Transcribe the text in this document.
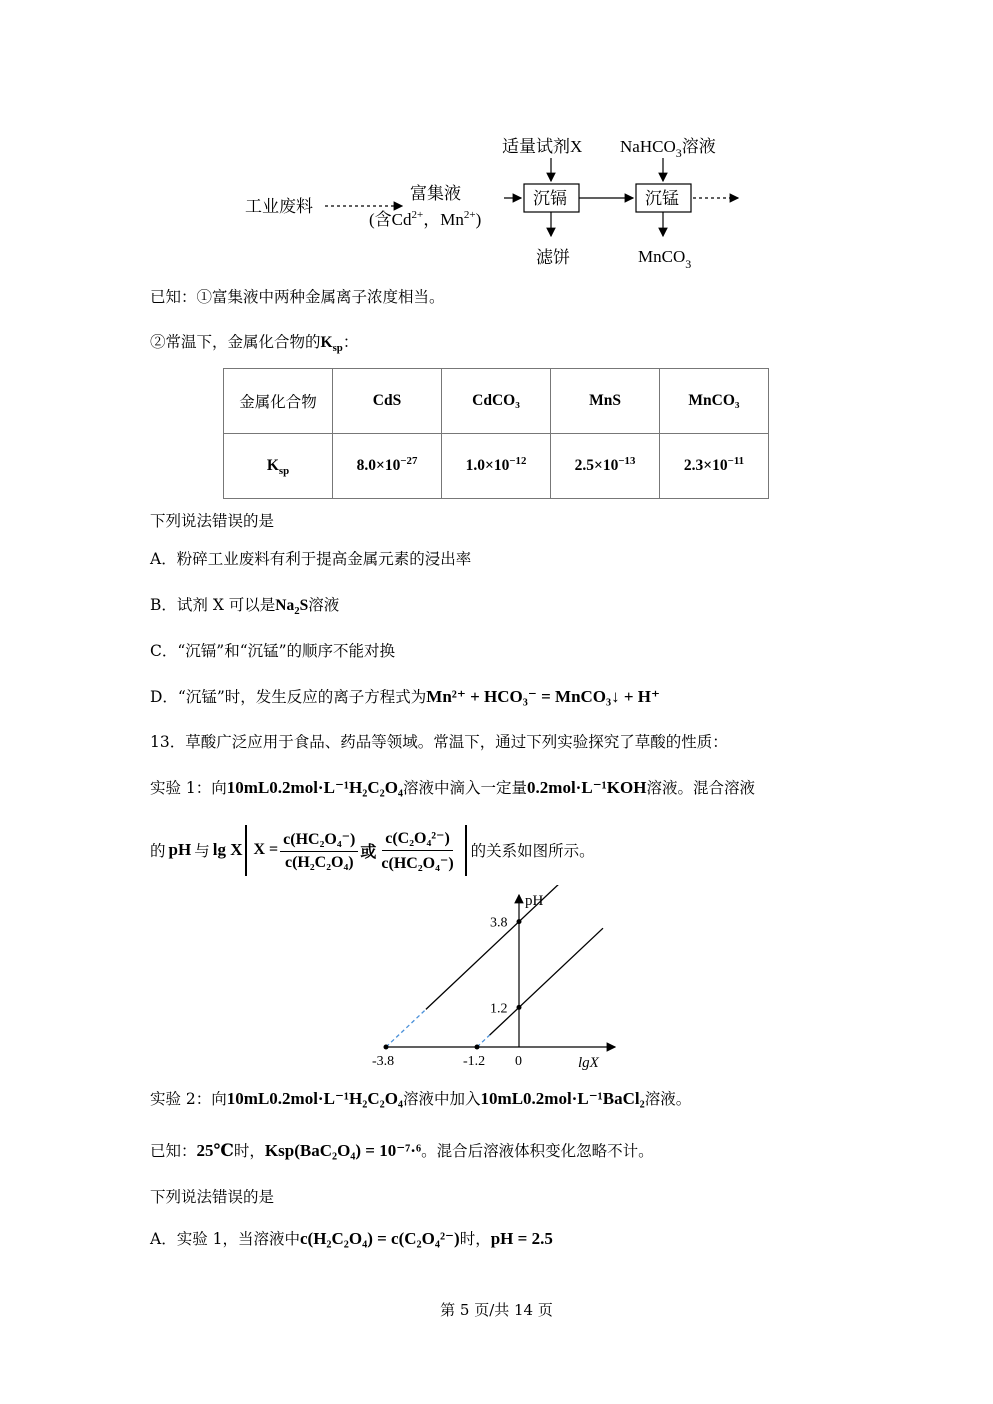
适量试剂X NaHCO$_3$溶液
工业废料
富集液
(含$Cd^{2+}$，$Mn^{2+}$)
沉镉
滤饼
沉锰
MnCO$_3$
已知：①富集液中两种金属离子浓度相当。
②常温下，金属化合物的$K_{sp}$：
金属化合物	CdS	CdCO₃	MnS	MnCO₃
$K_{sp}$	$8.0\times 10^{-27}$	$1.0\times 10^{-12}$	$2.5\times 10^{-13}$	$2.3\times 10^{-11}$
下列说法错误的是
A．粉碎工业废料有利于提高金属元素的浸出率
B．试剂 X 可以是$Na_2S$溶液
C．“沉镉”和“沉锰”的顺序不能对换
D．“沉锰”时，发生反应的离子方程式为Mn²⁺ + HCO₃⁻ = MnCO₃↓ + H⁺
13．草酸广泛应用于食品、药品等领域。常温下，通过下列实验探究了草酸的性质：
实验 1：向10mL0.2mol·L⁻¹H₂C₂O₄溶液中滴入一定量0.2mol·L⁻¹KOH溶液。混合溶液
的 pH 与 lg X $X = \frac{\text{c(HC₂O₄⁻)}}{\text{c(H₂C₂O₄)}}$ 或 $\frac{\text{c(C₂O₄²⁻)}}{\text{c(HC₂O₄⁻)}}$ 的关系如图所示。
pH
lgX
-3.8	-1.2 0
3.8
1.2
实验 2：向10mL0.2mol·L⁻¹H₂C₂O₄溶液中加入10mL0.2mol·L⁻¹BaCl₂溶液。
已知：25℃时，Ksp(BaC₂O₄) = 10⁻⁷·⁶。混合后溶液体积变化忽略不计。
下列说法错误的是
A．实验 1，当溶液中c(H₂C₂O₄) = c(C₂O₄²⁻)时，pH = 2.5
第 5 页/共 14 页
